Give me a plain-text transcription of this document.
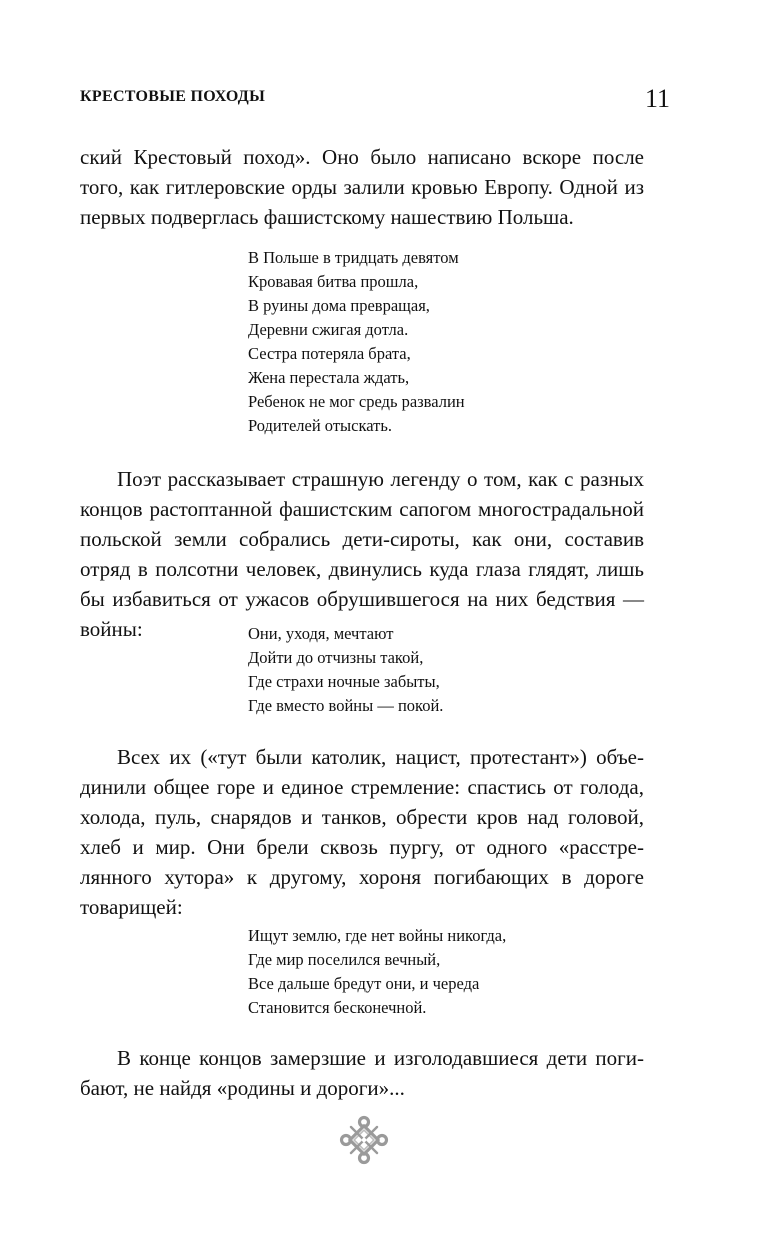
КРЕСТОВЫЕ ПОХОДЫ	11
ский Крестовый поход». Оно было написано вскоре после
того, как гитлеровские орды залили кровью Европу. Одной из
первых подверглась фашистскому нашествию Польша.
В Польше в тридцать девятом
Кровавая битва прошла,
В руины дома превращая,
Деревни сжигая дотла.
Сестра потеряла брата,
Жена перестала ждать,
Ребенок не мог средь развалин
Родителей отыскать.
Поэт рассказывает страшную легенду о том, как с разных
концов растоптанной фашистским сапогом многострадальной
польской земли собрались дети-сироты, как они, составив
отряд в полсотни человек, двинулись куда глаза глядят, лишь
бы избавиться от ужасов обрушившегося на них бедствия —
войны:	Они, уходя, мечтают
Дойти до отчизны такой,
Где страхи ночные забыты,
Где вместо войны — покой.
Всех их («тут были католик, нацист, протестант») объе-
динили общее горе и единое стремление: спастись от голода,
холода, пуль, снарядов и танков, обрести кров над головой,
хлеб и мир. Они брели сквозь пургу, от одного «расстре-
лянного хутора» к другому, хороня погибающих в дороге
товарищей:
Ищут землю, где нет войны никогда,
Где мир поселился вечный,
Все дальше бредут они, и череда
Становится бесконечной.
В конце концов замерзшие и изголодавшиеся дети поги-
бают, не найдя «родины и дороги»...
